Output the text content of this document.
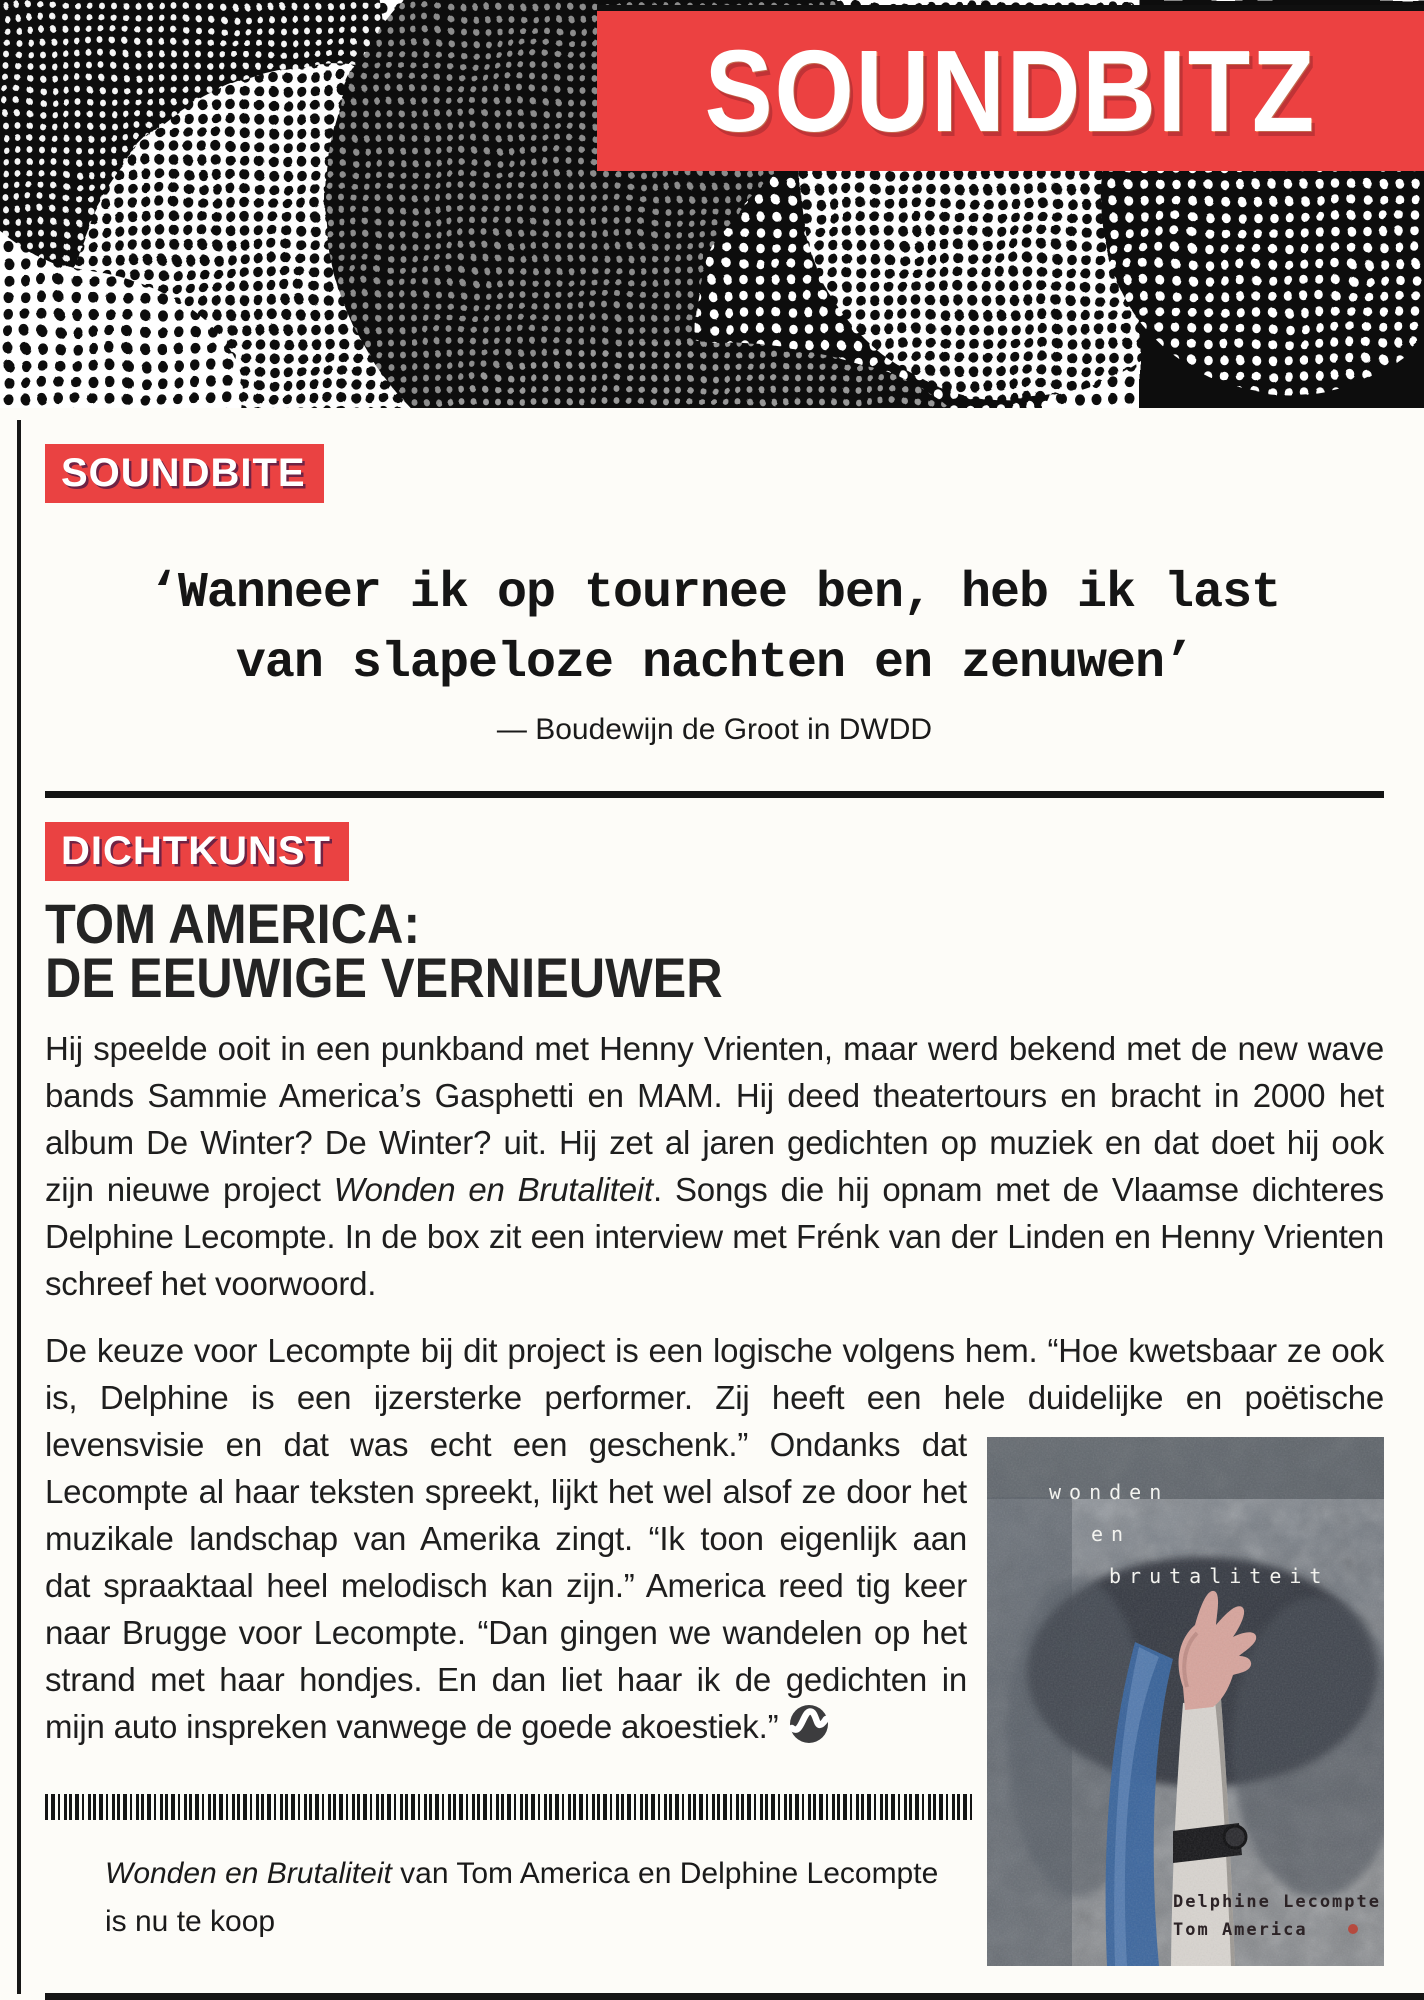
SOUNDBITZ
SOUNDBITE
‘Wanneer ik op tournee ben, heb ik last
van slapeloze nachten en zenuwen’
— Boudewijn de Groot in DWDD
DICHTKUNST
TOM AMERICA:
DE EEUWIGE VERNIEUWER

Hij speelde ooit in een punkband met Henny Vrienten, maar werd bekend met de new wave bands Sammie America’s Gasphetti en MAM. Hij deed theatertours en bracht in 2000 het album De Winter? De Winter? uit. Hij zet al jaren gedichten op muziek en dat doet hij ook zijn nieuwe project Wonden en Brutaliteit. Songs die hij opnam met de Vlaamse dichteres Delphine Lecompte. In de box zit een interview met Frénk van der Linden en Henny Vrienten schreef het voorwoord.

De keuze voor Lecompte bij dit project is een logische volgens hem. “Hoe kwetsbaar ze ook is, Delphine is een ijzersterke performer. Zij heeft een hele duidelijke en poëtische
wonden
en
brutaliteit
Delphine Lecompte
Tom America
levensvisie en dat was echt een geschenk.” Ondanks dat Lecompte al haar teksten spreekt, lijkt het wel alsof ze door het muzikale landschap van Amerika zingt. “Ik toon eigenlijk aan dat spraaktaal heel melodisch kan zijn.” America reed tig keer naar Brugge voor Lecompte. “Dan gingen we wandelen op het strand met haar hondjes. En dan liet haar ik de gedichten in mijn auto inspreken vanwege de goede akoestiek.”

Wonden en Brutaliteit van Tom America en Delphine Lecompte
is nu te koop
